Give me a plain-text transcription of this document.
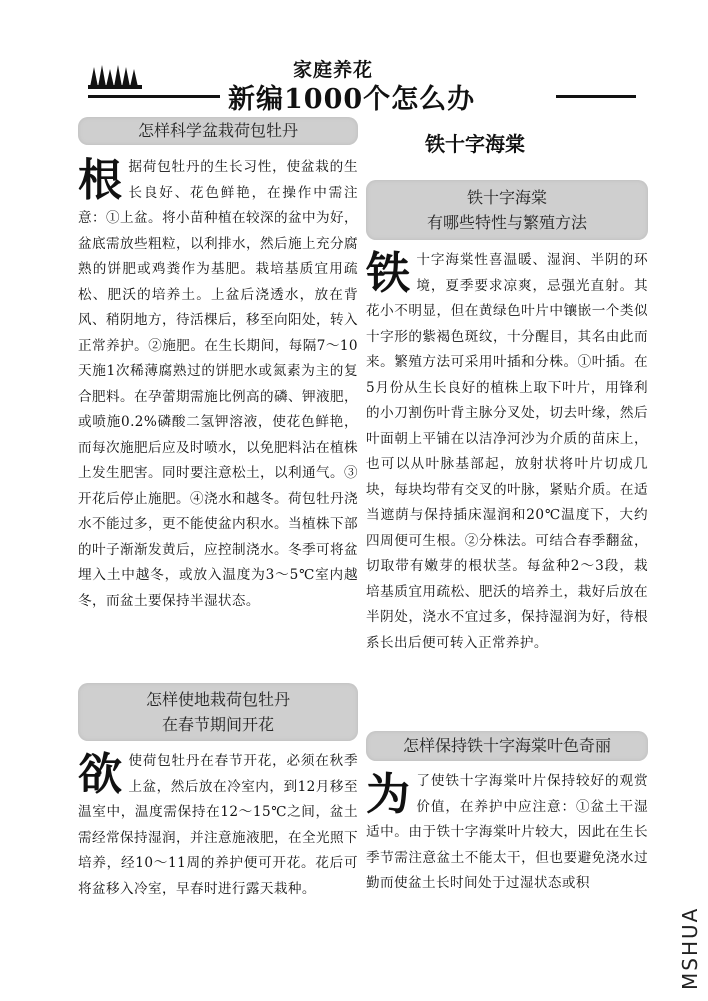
家庭养花
新编1000个怎么办
怎样科学盆栽荷包牡丹

根 据荷包牡丹的生长习性，使盆栽的生长良好、花色鲜艳，在操作中需注意：①上盆。将小苗种植在较深的盆中为好，盆底需放些粗粒，以利排水，然后施上充分腐熟的饼肥或鸡粪作为基肥。栽培基质宜用疏松、肥沃的培养土。上盆后浇透水，放在背风、稍阴地方，待活棵后，移至向阳处，转入正常养护。②施肥。在生长期间，每隔7～10天施1次稀薄腐熟过的饼肥水或氮素为主的复合肥料。在孕蕾期需施比例高的磷、钾液肥，或喷施0.2%磷酸二氢钾溶液，使花色鲜艳，而每次施肥后应及时喷水，以免肥料沾在植株上发生肥害。同时要注意松土，以利通气。③开花后停止施肥。④浇水和越冬。荷包牡丹浇水不能过多，更不能使盆内积水。当植株下部的叶子渐渐发黄后，应控制浇水。冬季可将盆埋入土中越冬，或放入温度为3～5℃室内越冬，而盆土要保持半湿状态。

怎样使地栽荷包牡丹
在春节期间开花

欲 使荷包牡丹在春节开花，必须在秋季上盆，然后放在冷室内，到12月移至温室中，温度需保持在12～15℃之间，盆土需经常保持湿润，并注意施液肥，在全光照下培养，经10～11周的养护便可开花。花后可将盆移入冷室，早春时进行露天栽种。

铁十字海棠
铁十字海棠
有哪些特性与繁殖方法

铁 十字海棠性喜温暖、湿润、半阴的环境，夏季要求凉爽，忌强光直射。其花小不明显，但在黄绿色叶片中镶嵌一个类似十字形的紫褐色斑纹，十分醒目，其名由此而来。繁殖方法可采用叶插和分株。①叶插。在5月份从生长良好的植株上取下叶片，用锋利的小刀割伤叶背主脉分叉处，切去叶缘，然后叶面朝上平铺在以洁净河沙为介质的苗床上，也可以从叶脉基部起，放射状将叶片切成几块，每块均带有交叉的叶脉，紧贴介质。在适当遮荫与保持插床湿润和20℃温度下，大约四周便可生根。②分株法。可结合春季翻盆，切取带有嫩芽的根状茎。每盆种2～3段，栽培基质宜用疏松、肥沃的培养土，栽好后放在半阴处，浇水不宜过多，保持湿润为好，待根系长出后便可转入正常养护。

怎样保持铁十字海棠叶色奇丽

为 了使铁十字海棠叶片保持较好的观赏价值，在养护中应注意：①盆土干湿适中。由于铁十字海棠叶片较大，因此在生长季节需注意盆土不能太干，但也要避免浇水过勤而使盆土长时间处于过湿状态或积

MSHUA
